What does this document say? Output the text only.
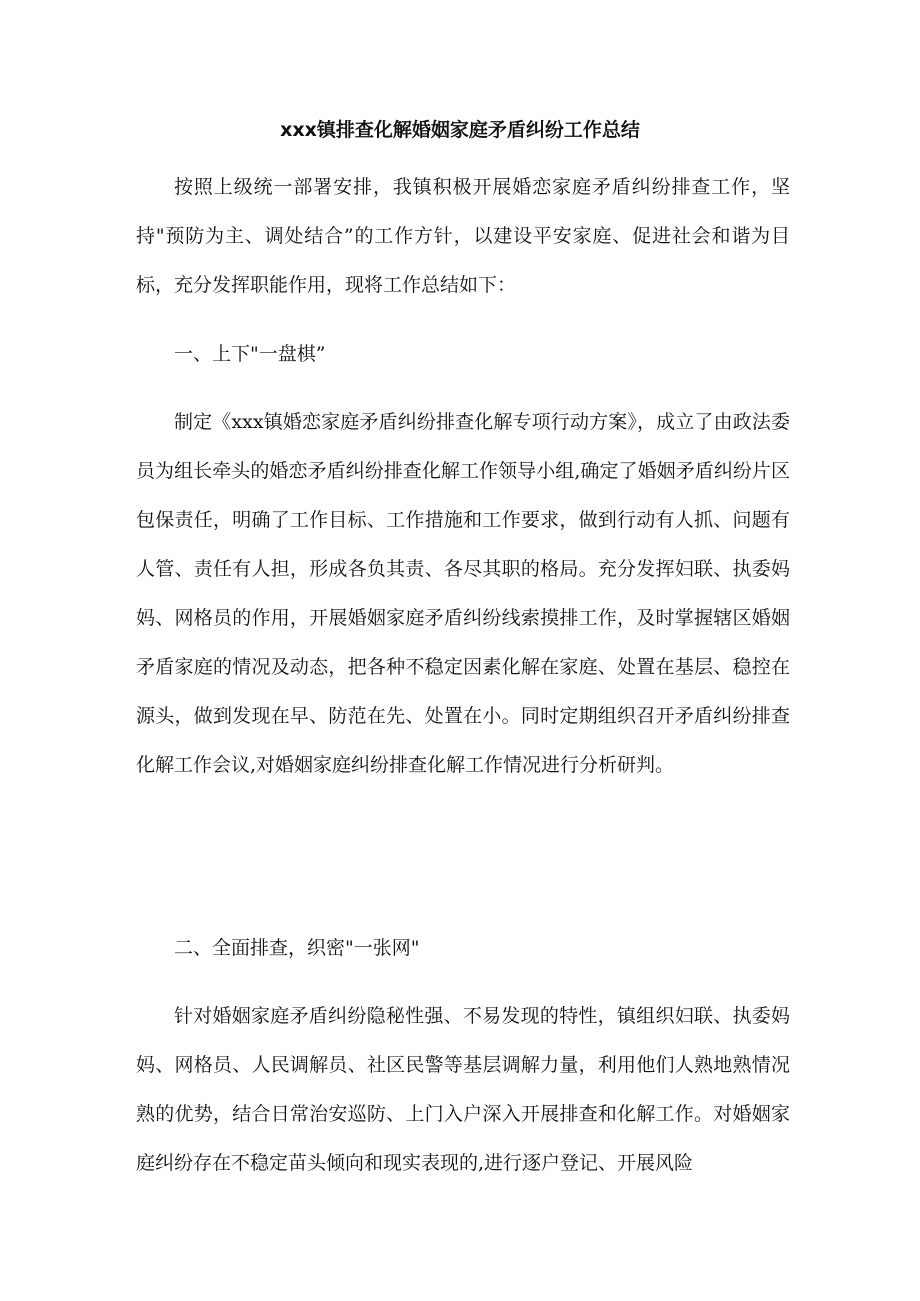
xxx镇排查化解婚姻家庭矛盾纠纷工作总结

按照上级统一部署安排，我镇积极开展婚恋家庭矛盾纠纷排查工作，坚持"预防为主、调处结合”的工作方针，以建设平安家庭、促进社会和谐为目标，充分发挥职能作用，现将工作总结如下：

一、上下"一盘棋”

制定《xxx镇婚恋家庭矛盾纠纷排查化解专项行动方案》，成立了由政法委员为组长牵头的婚恋矛盾纠纷排查化解工作领导小组,确定了婚姻矛盾纠纷片区包保责任，明确了工作目标、工作措施和工作要求，做到行动有人抓、问题有人管、责任有人担，形成各负其责、各尽其职的格局。充分发挥妇联、执委妈妈、网格员的作用，开展婚姻家庭矛盾纠纷线索摸排工作，及时掌握辖区婚姻矛盾家庭的情况及动态，把各种不稳定因素化解在家庭、处置在基层、稳控在源头，做到发现在早、防范在先、处置在小。同时定期组织召开矛盾纠纷排查化解工作会议,对婚姻家庭纠纷排查化解工作情况进行分析研判。

二、全面排查，织密"一张网"

针对婚姻家庭矛盾纠纷隐秘性强、不易发现的特性，镇组织妇联、执委妈妈、网格员、人民调解员、社区民警等基层调解力量，利用他们人熟地熟情况熟的优势，结合日常治安巡防、上门入户深入开展排查和化解工作。对婚姻家庭纠纷存在不稳定苗头倾向和现实表现的,进行逐户登记、开展风险
